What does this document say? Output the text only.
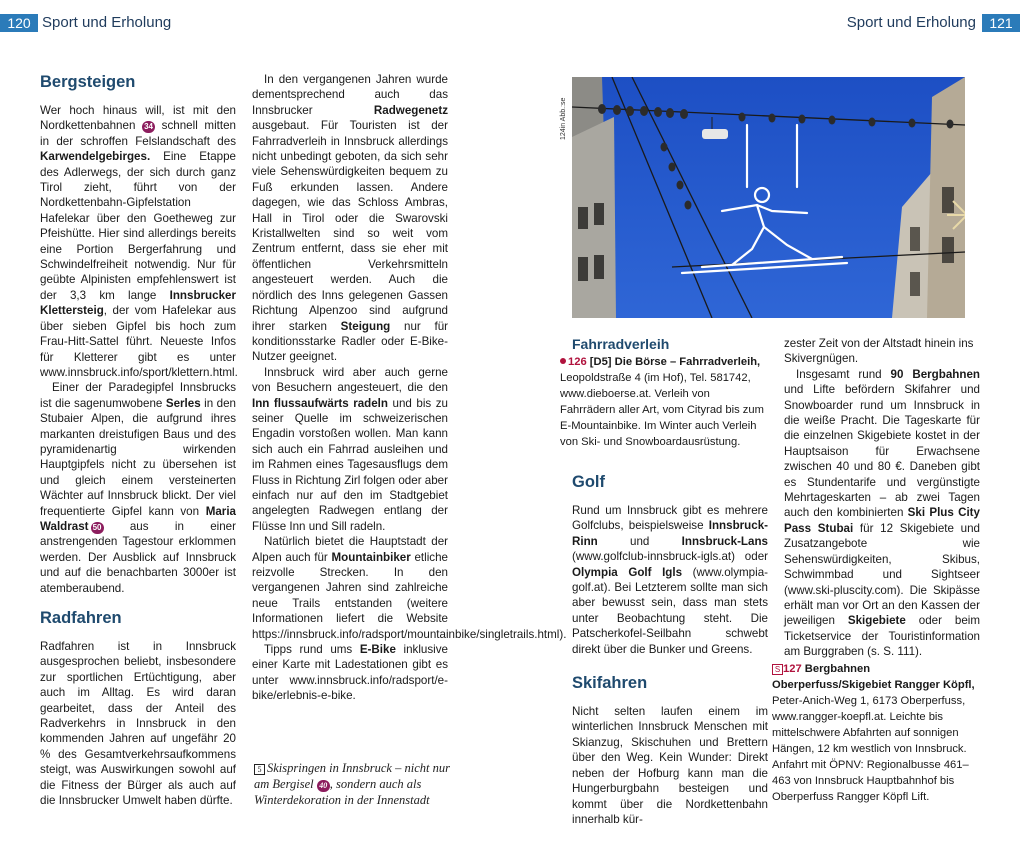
120 Sport und Erholung	Sport und Erholung 121
Bergsteigen

Wer hoch hinaus will, ist mit den Nordkettenbahnen 34 schnell mitten in der schroffen Felslandschaft des Karwendelgebirges. Eine Etappe des Adlerwegs, der sich durch ganz Tirol zieht, führt von der Nordkettenbahn-Gipfelstation Hafelekar über den Goetheweg zur Pfeishütte. Hier sind allerdings bereits eine Portion Bergerfahrung und Schwindelfreiheit notwendig. Nur für geübte Alpinisten empfehlenswert ist der 3,3 km lange Innsbrucker Klettersteig, der vom Hafelekar aus über sieben Gipfel bis hoch zum Frau-Hitt-Sattel führt. Neueste Infos für Kletterer gibt es unter www.innsbruck.info/sport/klettern.html.

Einer der Paradegipfel Innsbrucks ist die sagenumwobene Serles in den Stubaier Alpen, die aufgrund ihres markanten dreistufigen Baus und des pyramidenartig wirkenden Hauptgipfels nicht zu übersehen ist und gleich einem versteinerten Wächter auf Innsbruck blickt. Der viel frequentierte Gipfel kann von Maria Waldrast 50 aus in einer anstrengenden Tagestour erklommen werden. Der Ausblick auf Innsbruck und auf die benachbarten 3000er ist atemberaubend.

Radfahren

Radfahren ist in Innsbruck ausgesprochen beliebt, insbesondere zur sportlichen Ertüchtigung, aber auch im Alltag. Es wird daran gearbeitet, dass der Anteil des Radverkehrs in Innsbruck in den kommenden Jahren auf ungefähr 20 % des Gesamtverkehrsaufkommens steigt, was Auswirkungen sowohl auf die Fitness der Bürger als auch auf die Innsbrucker Umwelt haben dürfte.

In den vergangenen Jahren wurde dementsprechend auch das Innsbrucker Radwegenetz ausgebaut. Für Touristen ist der Fahrradverleih in Innsbruck allerdings nicht unbedingt geboten, da sich sehr viele Sehenswürdigkeiten bequem zu Fuß erkunden lassen. Andere dagegen, wie das Schloss Ambras, Hall in Tirol oder die Swarovski Kristallwelten sind so weit vom Zentrum entfernt, dass sie eher mit öffentlichen Verkehrsmitteln angesteuert werden. Auch die nördlich des Inns gelegenen Gassen Richtung Alpenzoo sind aufgrund ihrer starken Steigung nur für konditionsstarke Radler oder E-Bike-Nutzer geeignet.

Innsbruck wird aber auch gerne von Besuchern angesteuert, die den Inn flussaufwärts radeln und bis zu seiner Quelle im schweizerischen Engadin vorstoßen wollen. Man kann sich auch ein Fahrrad ausleihen und im Rahmen eines Tagesausflugs dem Fluss in Richtung Zirl folgen oder aber einfach nur auf den im Stadtgebiet angelegten Radwegen entlang der Flüsse Inn und Sill radeln.

Natürlich bietet die Hauptstadt der Alpen auch für Mountainbiker etliche reizvolle Strecken. In den vergangenen Jahren sind zahlreiche neue Trails entstanden (weitere Informationen liefert die Website https://innsbruck.info/radsport/mountainbike/singletrails.html).

Tipps rund ums E-Bike inklusive einer Karte mit Ladestationen gibt es unter www.innsbruck.info/radsport/e-bike/erlebnis-e-bike.

5 Skispringen in Innsbruck – nicht nur am Bergisel 40 , sondern auch als Winterdekoration in der Innenstadt
124in Abb.:se
Fahrradverleih
126 [D5] Die Börse – Fahrradverleih, Leopoldstraße 4 (im Hof), Tel. 581742, www.dieboerse.at. Verleih von Fahrrädern aller Art, vom Cityrad bis zum E-Mountainbike. Im Winter auch Verleih von Ski- und Snowboardausrüstung.
Golf

Rund um Innsbruck gibt es mehrere Golfclubs, beispielsweise Innsbruck-Rinn und Innsbruck-Lans (www.golfclub-innsbruck-igls.at) oder Olympia Golf Igls (www.olympia-golf.at). Bei Letzterem sollte man sich aber bewusst sein, dass man stets unter Beobachtung steht. Die Patscherkofel-Seilbahn schwebt direkt über die Bunker und Greens.

Skifahren

Nicht selten laufen einem im winterlichen Innsbruck Menschen mit Skianzug, Skischuhen und Brettern über den Weg. Kein Wunder: Direkt neben der Hofburg kann man die Hungerburgbahn besteigen und kommt über die Nordkettenbahn innerhalb kür-

zester Zeit von der Altstadt hinein ins Skivergnügen.

Insgesamt rund 90 Bergbahnen und Lifte befördern Skifahrer und Snowboarder rund um Innsbruck in die weiße Pracht. Die Tageskarte für die einzelnen Skigebiete kostet in der Hauptsaison für Erwachsene zwischen 40 und 80 €. Daneben gibt es Stundentarife und vergünstigte Mehrtageskarten – ab zwei Tagen auch den kombinierten Ski Plus City Pass Stubai für 12 Skigebiete und Zusatzangebote wie Sehenswürdigkeiten, Skibus, Schwimmbad und Sightseer (www.ski-pluscity.com). Die Skipässe erhält man vor Ort an den Kassen der jeweiligen Skigebiete oder beim Ticketservice der Touristinformation am Burggraben (s. S. 111).

S 127 Bergbahnen Oberperfuss/Skigebiet Rangger Köpfl, Peter-Anich-Weg 1, 6173 Oberperfuss, www.rangger-koepfl.at. Leichte bis mittelschwere Abfahrten auf sonnigen Hängen, 12 km westlich von Innsbruck. Anfahrt mit ÖPNV: Regionalbusse 461–463 von Innsbruck Hauptbahnhof bis Oberperfuss Rangger Köpfl Lift.
